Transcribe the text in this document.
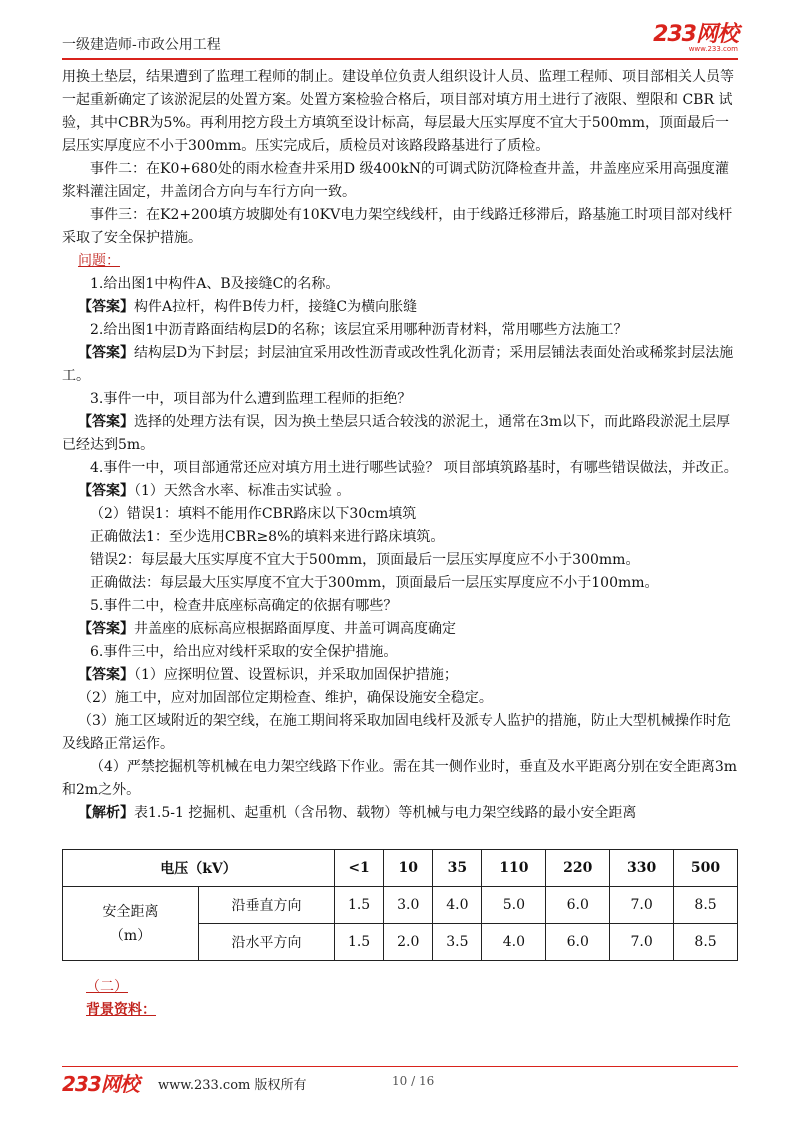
一级建造师-市政公用工程	233网校
www.233.com

用换土垫层，结果遭到了监理工程师的制止。建设单位负责人组织设计人员、监理工程师、项目部相关人员等一起重新确定了该淤泥层的处置方案。处置方案检验合格后，项目部对填方用土进行了液限、塑限和 CBR 试验，其中CBR为5%。再利用挖方段土方填筑至设计标高，每层最大压实厚度不宜大于500mm，顶面最后一层压实厚度应不小于300mm。压实完成后，质检员对该路段路基进行了质检。

事件二：在K0+680处的雨水检查井采用D 级400kN的可调式防沉降检查井盖，井盖座应采用高强度灌浆料灌注固定，井盖闭合方向与车行方向一致。

事件三：在K2+200填方坡脚处有10KV电力架空线线杆，由于线路迁移滞后，路基施工时项目部对线杆采取了安全保护措施。

问题：

1.给出图1中构件A、B及接缝C的名称。

【答案】构件A拉杆，构件B传力杆，接缝C为横向胀缝

2.给出图1中沥青路面结构层D的名称；该层宜采用哪种沥青材料，常用哪些方法施工？

【答案】结构层D为下封层；封层油宜采用改性沥青或改性乳化沥青；采用层铺法表面处治或稀浆封层法施工。

3.事件一中，项目部为什么遭到监理工程师的拒绝？

【答案】选择的处理方法有误，因为换土垫层只适合较浅的淤泥土，通常在3m以下，而此路段淤泥土层厚已经达到5m。

4.事件一中，项目部通常还应对填方用土进行哪些试验？ 项目部填筑路基时，有哪些错误做法，并改正。

【答案】（1）天然含水率、标准击实试验 。

（2）错误1：填料不能用作CBR路床以下30cm填筑

正确做法1：至少选用CBR≥8%的填料来进行路床填筑。

错误2：每层最大压实厚度不宜大于500mm，顶面最后一层压实厚度应不小于300mm。

正确做法：每层最大压实厚度不宜大于300mm，顶面最后一层压实厚度应不小于100mm。

5.事件二中，检查井底座标高确定的依据有哪些？

【答案】井盖座的底标高应根据路面厚度、井盖可调高度确定

6.事件三中，给出应对线杆采取的安全保护措施。

【答案】（1）应探明位置、设置标识，并采取加固保护措施；

（2）施工中，应对加固部位定期检查、维护，确保设施安全稳定。

（3）施工区域附近的架空线，在施工期间将采取加固电线杆及派专人监护的措施，防止大型机械操作时危及线路正常运作。

（4）严禁挖掘机等机械在电力架空线路下作业。需在其一侧作业时，垂直及水平距离分别在安全距离3m和2m之外。

【解析】表1.5-1 挖掘机、起重机（含吊物、载物）等机械与电力架空线路的最小安全距离

电压（kV）		<1	10	35	110	220	330	500

安全距离
（m）	沿垂直方向	1.5	3.0	4.0	5.0	6.0	7.0	8.5
	沿水平方向	1.5	2.0	3.5	4.0	6.0	7.0	8.5
（二）
背景资料：
233网校 www.233.com 版权所有	10 / 16
